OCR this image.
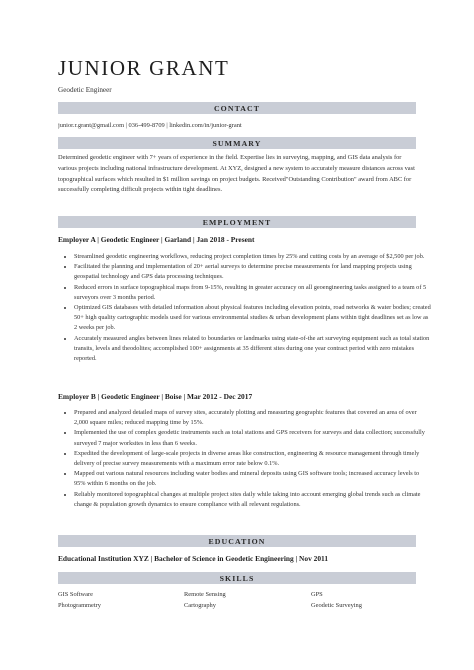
JUNIOR GRANT
Geodetic Engineer
CONTACT
junior.r.grant@gmail.com | 036-499-8709 | linkedin.com/in/junior-grant
SUMMARY
Determined geodetic engineer with 7+ years of experience in the field. Expertise lies in surveying, mapping, and GIS data analysis for various projects including national infrastructure development. At XYZ, designed a new system to accurately measure distances across vast topographical surfaces which resulted in $1 million savings on project budgets. Received"Outstanding Contribution" award from ABC for successfully completing difficult projects within tight deadlines.
EMPLOYMENT
Employer A | Geodetic Engineer | Garland | Jan 2018 - Present
• Streamlined geodetic engineering workflows, reducing project completion times by 25% and cutting costs by an average of $2,500 per job.
• Facilitated the planning and implementation of 20+ aerial surveys to determine precise measurements for land mapping projects using geospatial technology and GPS data processing techniques.
• Reduced errors in surface topographical maps from 9-15%, resulting in greater accuracy on all geoengineering tasks assigned to a team of 5 surveyors over 3 months period.
• Optimized GIS databases with detailed information about physical features including elevation points, road networks & water bodies; created 50+ high quality cartographic models used for various environmental studies & urban development plans within tight deadlines set as low as 2 weeks per job.
• Accurately measured angles between lines related to boundaries or landmarks using state-of-the art surveying equipment such as total station transits, levels and theodolites; accomplished 100+ assignments at 35 different sites during one year contract period with zero mistakes reported.
Employer B | Geodetic Engineer | Boise | Mar 2012 - Dec 2017
• Prepared and analyzed detailed maps of survey sites, accurately plotting and measuring geographic features that covered an area of over 2,000 square miles; reduced mapping time by 15%.
• Implemented the use of complex geodetic instruments such as total stations and GPS receivers for surveys and data collection; successfully surveyed 7 major worksites in less than 6 weeks.
• Expedited the development of large-scale projects in diverse areas like construction, engineering & resource management through timely delivery of precise survey measurements with a maximum error rate below 0.1%.
• Mapped out various natural resources including water bodies and mineral deposits using GIS software tools; increased accuracy levels to 95% within 6 months on the job.
• Reliably monitored topographical changes at multiple project sites daily while taking into account emerging global trends such as climate change & population growth dynamics to ensure compliance with all relevant regulations.
EDUCATION
Educational Institution XYZ | Bachelor of Science in Geodetic Engineering | Nov 2011
SKILLS
GIS Software	Remote Sensing	GPS
Photogrammetry	Cartography	Geodetic Surveying
